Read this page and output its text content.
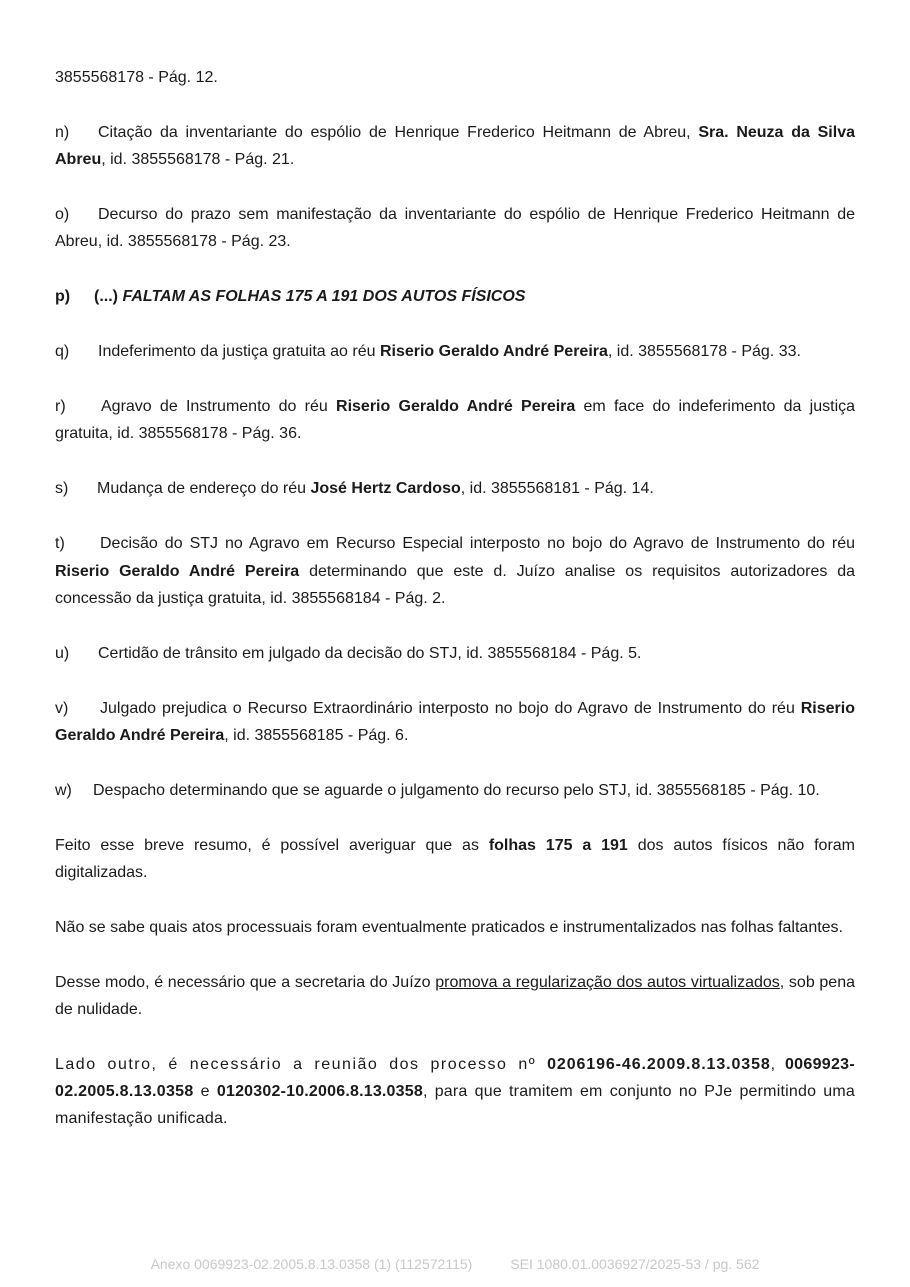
3855568178 - Pág. 12.

n) Citação da inventariante do espólio de Henrique Frederico Heitmann de Abreu, Sra. Neuza da Silva Abreu, id. 3855568178 - Pág. 21.

o) Decurso do prazo sem manifestação da inventariante do espólio de Henrique Frederico Heitmann de Abreu, id. 3855568178 - Pág. 23.

p) (...) FALTAM AS FOLHAS 175 A 191 DOS AUTOS FÍSICOS

q) Indeferimento da justiça gratuita ao réu Riserio Geraldo André Pereira, id. 3855568178 - Pág. 33.

r) Agravo de Instrumento do réu Riserio Geraldo André Pereira em face do indeferimento da justiça gratuita, id. 3855568178 - Pág. 36.

s) Mudança de endereço do réu José Hertz Cardoso, id. 3855568181 - Pág. 14.

t) Decisão do STJ no Agravo em Recurso Especial interposto no bojo do Agravo de Instrumento do réu Riserio Geraldo André Pereira determinando que este d. Juízo analise os requisitos autorizadores da concessão da justiça gratuita, id. 3855568184 - Pág. 2.

u) Certidão de trânsito em julgado da decisão do STJ, id. 3855568184 - Pág. 5.

v) Julgado prejudica o Recurso Extraordinário interposto no bojo do Agravo de Instrumento do réu Riserio Geraldo André Pereira, id. 3855568185 - Pág. 6.

w) Despacho determinando que se aguarde o julgamento do recurso pelo STJ, id. 3855568185 - Pág. 10.

Feito esse breve resumo, é possível averiguar que as folhas 175 a 191 dos autos físicos não foram digitalizadas.

Não se sabe quais atos processuais foram eventualmente praticados e instrumentalizados nas folhas faltantes.

Desse modo, é necessário que a secretaria do Juízo promova a regularização dos autos virtualizados, sob pena de nulidade.

Lado outro, é necessário a reunião dos processo nº 0206196-46.2009.8.13.0358, 0069923-02.2005.8.13.0358 e 0120302-10.2006.8.13.0358, para que tramitem em conjunto no PJe permitindo uma manifestação unificada.

Anexo 0069923-02.2005.8.13.0358 (1) (112572115)	SEI 1080.01.0036927/2025-53 / pg. 562
